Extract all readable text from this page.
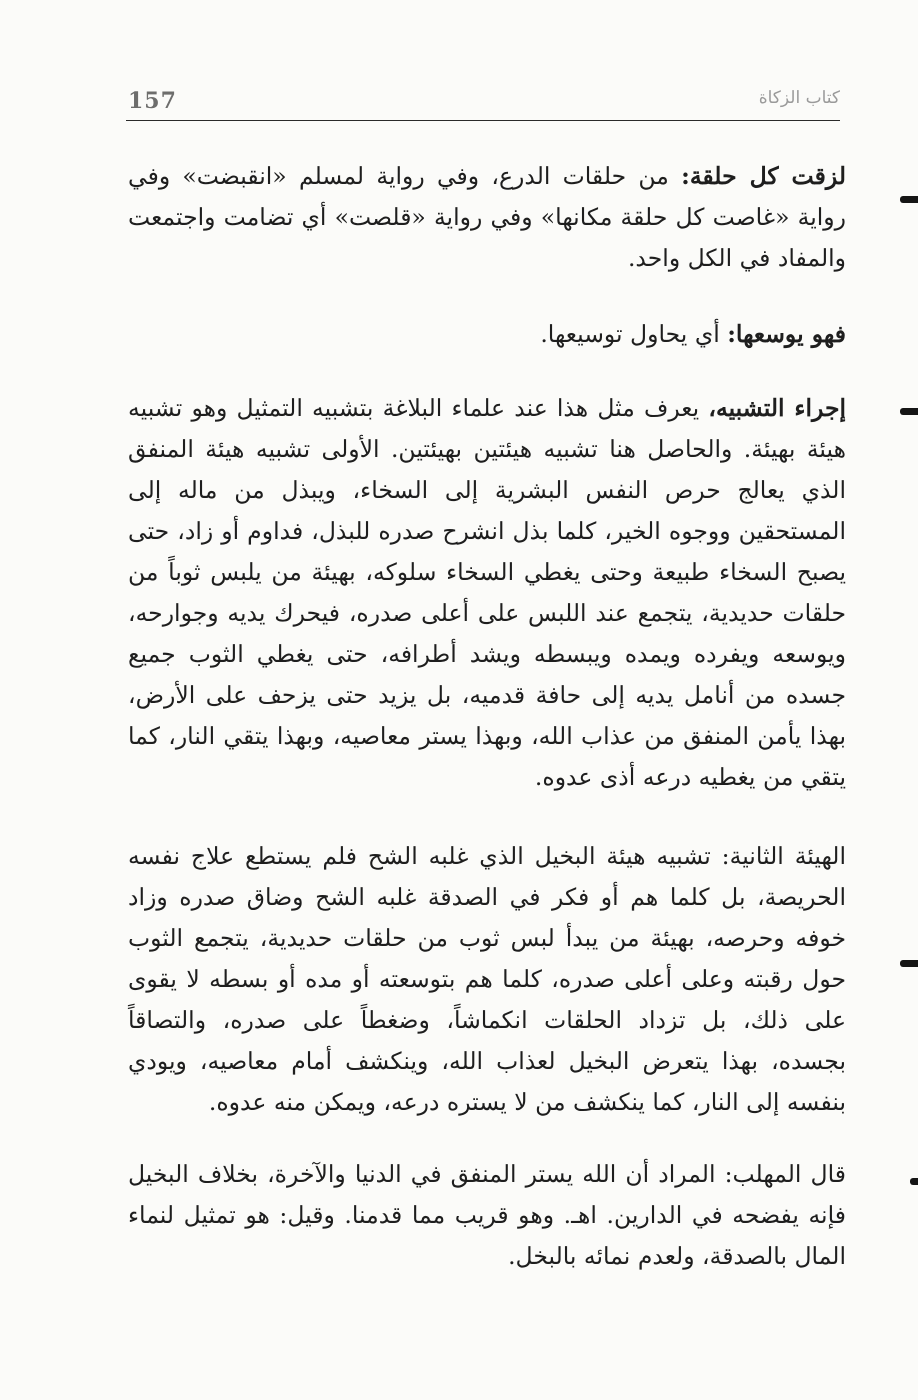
157	كتاب الزكاة

لزقت كل حلقة: من حلقات الدرع، وفي رواية لمسلم «انقبضت» وفي رواية «غاصت كل حلقة مكانها» وفي رواية «قلصت» أي تضامت واجتمعت والمفاد في الكل واحد.

فهو يوسعها: أي يحاول توسيعها.

إجراء التشبيه، يعرف مثل هذا عند علماء البلاغة بتشبيه التمثيل وهو تشبيه هيئة بهيئة. والحاصل هنا تشبيه هيئتين بهيئتين. الأولى تشبيه هيئة المنفق الذي يعالج حرص النفس البشرية إلى السخاء، ويبذل من ماله إلى المستحقين ووجوه الخير، كلما بذل انشرح صدره للبذل، فداوم أو زاد، حتى يصبح السخاء طبيعة وحتى يغطي السخاء سلوكه، بهيئة من يلبس ثوباً من حلقات حديدية، يتجمع عند اللبس على أعلى صدره، فيحرك يديه وجوارحه، ويوسعه ويفرده ويمده ويبسطه ويشد أطرافه، حتى يغطي الثوب جميع جسده من أنامل يديه إلى حافة قدميه، بل يزيد حتى يزحف على الأرض، بهذا يأمن المنفق من عذاب الله، وبهذا يستر معاصيه، وبهذا يتقي النار، كما يتقي من يغطيه درعه أذى عدوه.

الهيئة الثانية: تشبيه هيئة البخيل الذي غلبه الشح فلم يستطع علاج نفسه الحريصة، بل كلما هم أو فكر في الصدقة غلبه الشح وضاق صدره وزاد خوفه وحرصه، بهيئة من يبدأ لبس ثوب من حلقات حديدية، يتجمع الثوب حول رقبته وعلى أعلى صدره، كلما هم بتوسعته أو مده أو بسطه لا يقوى على ذلك، بل تزداد الحلقات انكماشاً، وضغطاً على صدره، والتصاقاً بجسده، بهذا يتعرض البخيل لعذاب الله، وينكشف أمام معاصيه، ويودي بنفسه إلى النار، كما ينكشف من لا يستره درعه، ويمكن منه عدوه.

قال المهلب: المراد أن الله يستر المنفق في الدنيا والآخرة، بخلاف البخيل فإنه يفضحه في الدارين. اهـ. وهو قريب مما قدمنا. وقيل: هو تمثيل لنماء المال بالصدقة، ولعدم نمائه بالبخل.
